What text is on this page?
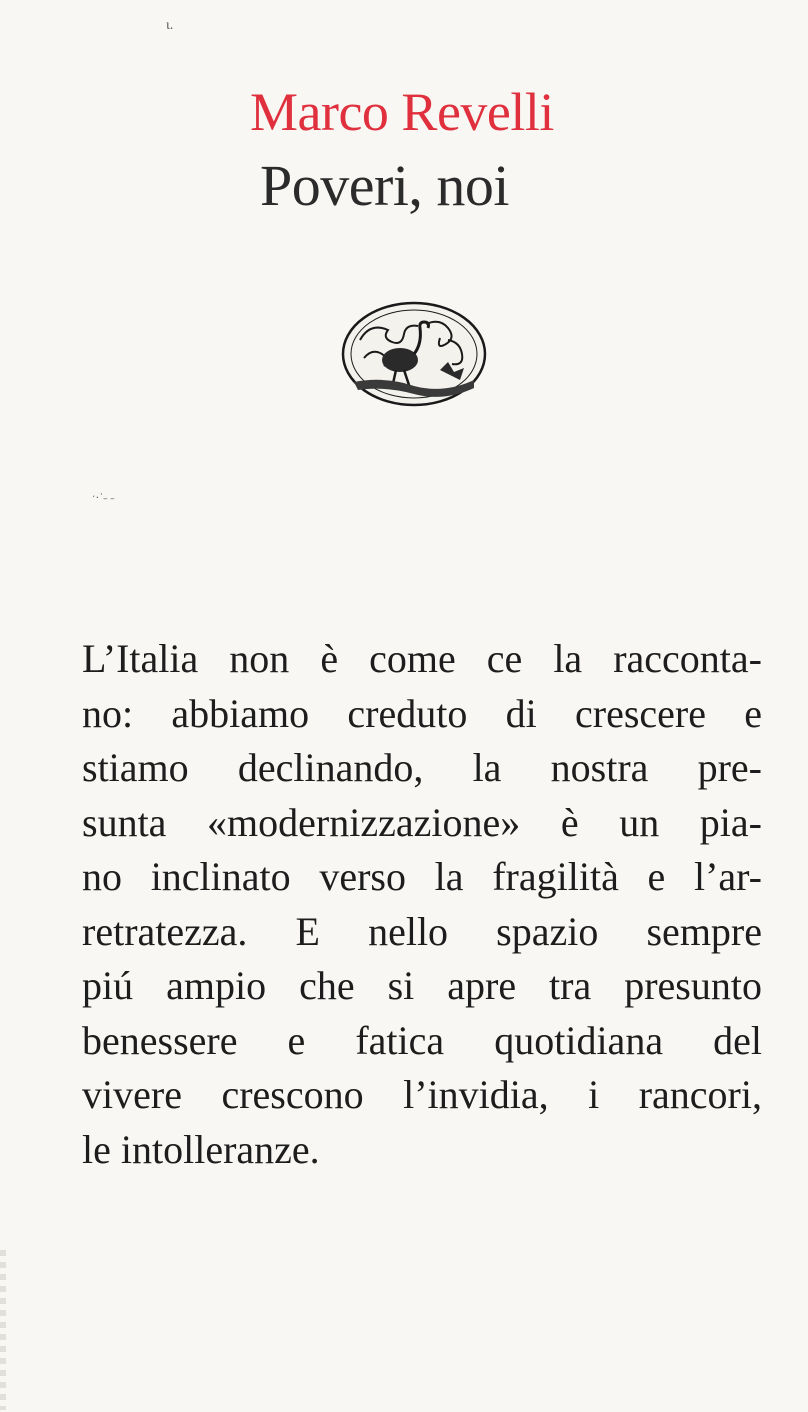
ι.
Marco Revelli
Poveri, noi
ˑ·˙˗ ˗
L’Italia non è come ce la racconta-
no: abbiamo creduto di crescere e
stiamo declinando, la nostra pre-
sunta «modernizzazione» è un pia-
no inclinato verso la fragilità e l’ar-
retratezza. E nello spazio sempre
piú ampio che si apre tra presunto
benessere e fatica quotidiana del
vivere crescono l’invidia, i rancori,
le intolleranze.
